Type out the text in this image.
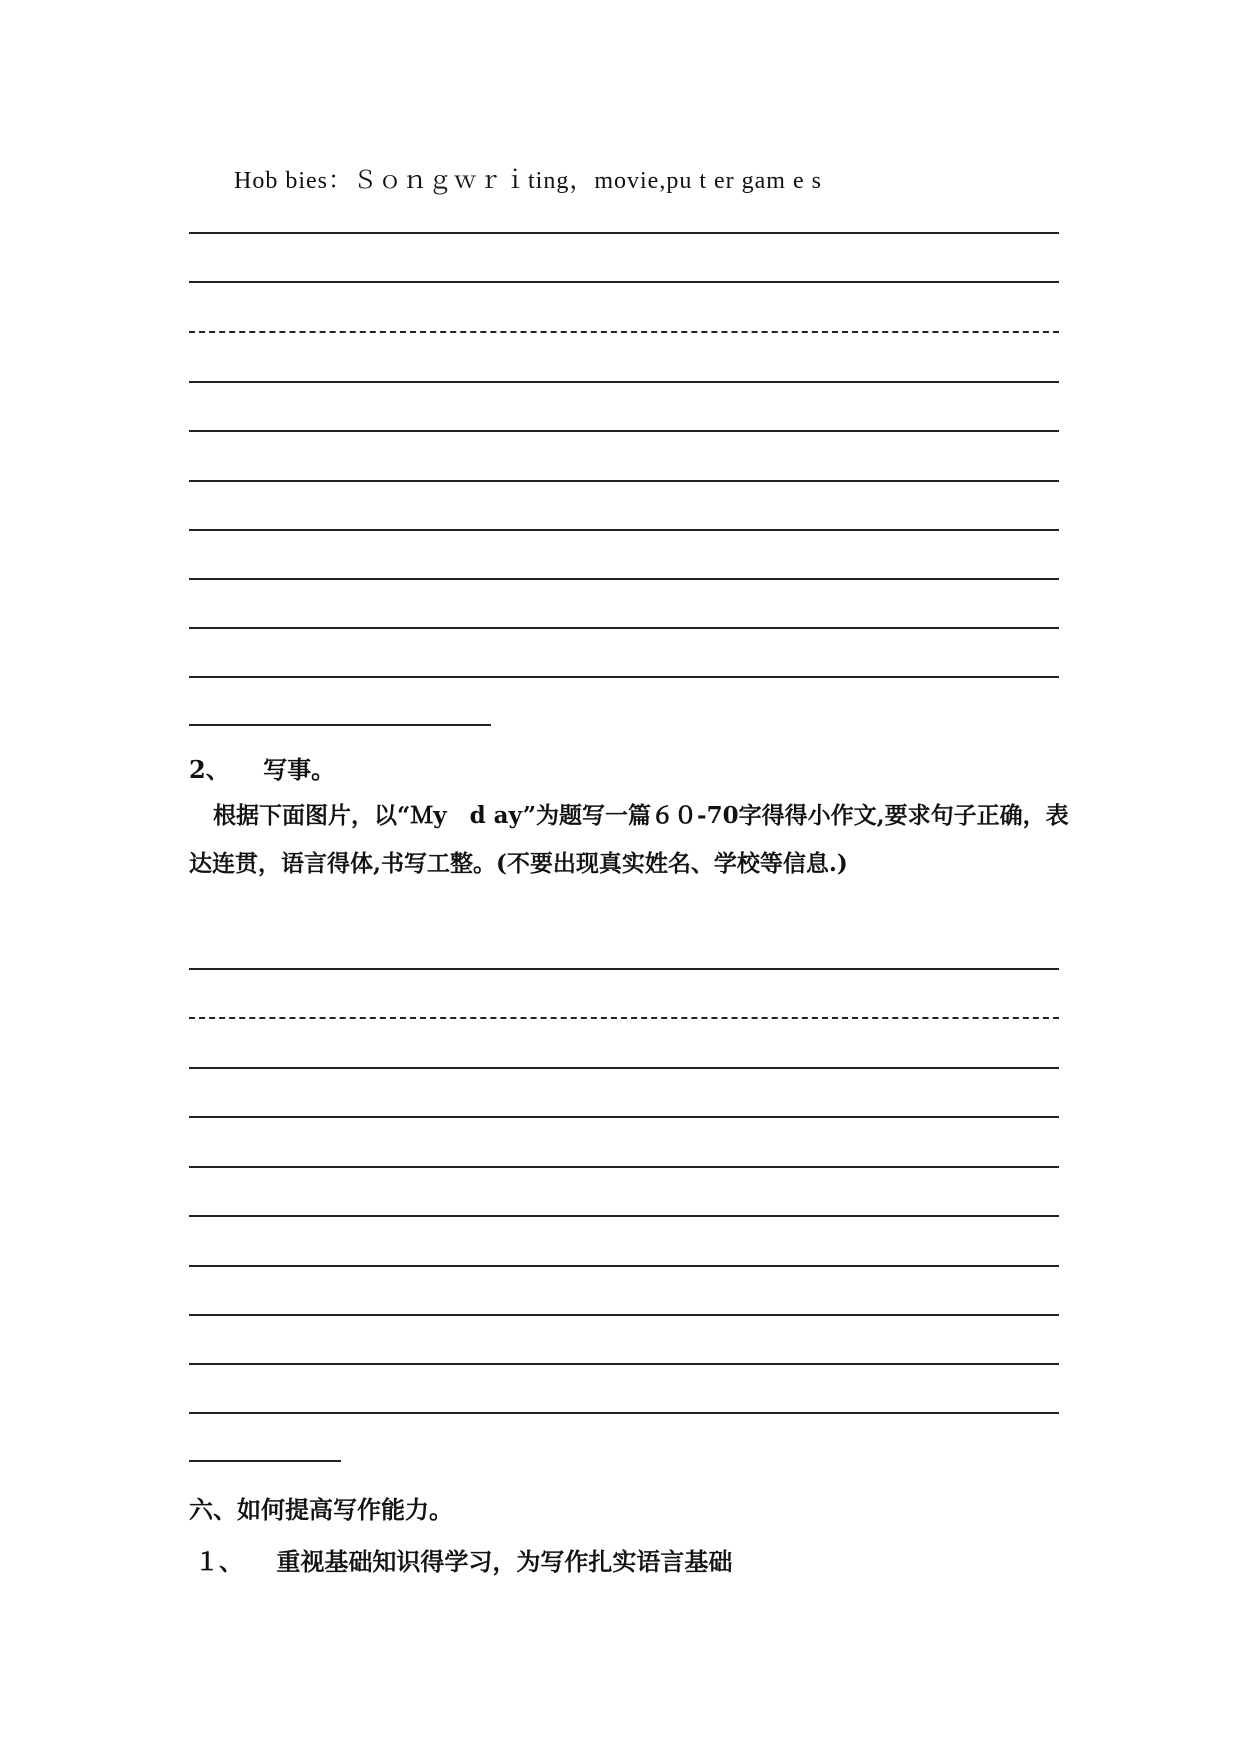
Hob bies：Ｓｏｎｇｗｒｉting，movie,pu t er gam e s
2、 写事。
根据下面图片，以“Ｍy　d ay”为题写一篇６０-70字得得小作文,要求句子正确，表达连贯，语言得体,书写工整。(不要出现真实姓名、学校等信息.)
六、如何提高写作能力。
１、 重视基础知识得学习，为写作扎实语言基础
